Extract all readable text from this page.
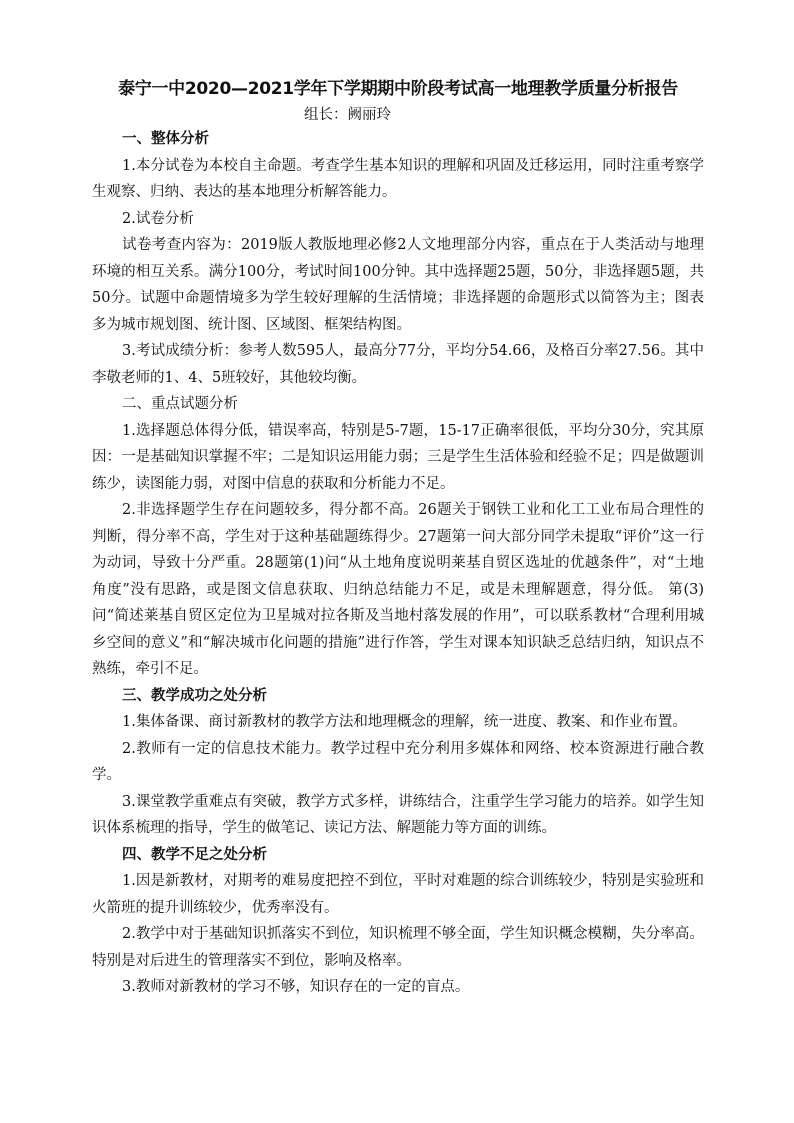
泰宁一中2020—2021学年下学期期中阶段考试高一地理教学质量分析报告
组长：阙丽玲
一、整体分析

1.本分试卷为本校自主命题。考查学生基本知识的理解和巩固及迁移运用，同时注重考察学生观察、归纳、表达的基本地理分析解答能力。

2.试卷分析

试卷考查内容为：2019版人教版地理必修2人文地理部分内容，重点在于人类活动与地理环境的相互关系。满分100分，考试时间100分钟。其中选择题25题，50分，非选择题5题，共50分。试题中命题情境多为学生较好理解的生活情境；非选择题的命题形式以简答为主；图表多为城市规划图、统计图、区域图、框架结构图。

3.考试成绩分析：参考人数595人，最高分77分，平均分54.66，及格百分率27.56。其中李敬老师的1、4、5班较好，其他较均衡。

二、重点试题分析

1.选择题总体得分低，错误率高，特别是5-7题，15-17正确率很低，平均分30分，究其原因：一是基础知识掌握不牢；二是知识运用能力弱；三是学生生活体验和经验不足；四是做题训练少，读图能力弱，对图中信息的获取和分析能力不足。

2.非选择题学生存在问题较多，得分都不高。26题关于钢铁工业和化工工业布局合理性的判断，得分率不高，学生对于这种基础题练得少。27题第一问大部分同学未提取“评价”这一行为动词，导致十分严重。28题第(1)问“从土地角度说明莱基自贸区选址的优越条件”，对“土地角度”没有思路，或是图文信息获取、归纳总结能力不足，或是未理解题意，得分低。 第(3)问“简述莱基自贸区定位为卫星城对拉各斯及当地村落发展的作用”，可以联系教材“合理利用城乡空间的意义”和“解决城市化问题的措施”进行作答，学生对课本知识缺乏总结归纳，知识点不熟练，牵引不足。

三、教学成功之处分析

1.集体备课、商讨新教材的教学方法和地理概念的理解，统一进度、教案、和作业布置。

2.教师有一定的信息技术能力。教学过程中充分利用多媒体和网络、校本资源进行融合教学。

3.课堂教学重难点有突破，教学方式多样，讲练结合，注重学生学习能力的培养。如学生知识体系梳理的指导，学生的做笔记、读记方法、解题能力等方面的训练。

四、教学不足之处分析

1.因是新教材，对期考的难易度把控不到位，平时对难题的综合训练较少，特别是实验班和火箭班的提升训练较少，优秀率没有。

2.教学中对于基础知识抓落实不到位，知识梳理不够全面，学生知识概念模糊，失分率高。特别是对后进生的管理落实不到位，影响及格率。

3.教师对新教材的学习不够，知识存在的一定的盲点。
